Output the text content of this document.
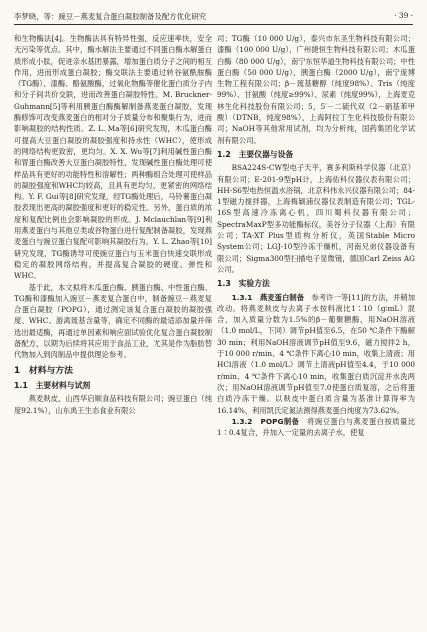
李梦晓，等：豌豆－燕麦复合蛋白凝胶制备及配方优化研究	· 39 ·

和生物酶法[4]。生物酶法具有特异性强，反应速率快，安全无污染等优点。其中，酶水解法主要通过不同蛋白酶水解蛋白质形成小肽，促进亲水基团暴露，增加蛋白质分子之间的相互作用，进而形成蛋白凝胶；酶交联法主要通过转谷氨酰胺酶（TG酶）、漆酶、酪氨酸酶，过氧化物酶等催化蛋白质分子内和分子间共价交联，进而改善蛋白凝胶特性。M. Bruckner-Guhmann[5]等利用胰蛋白酶酶解制备燕麦蛋白凝胶，发现酶修饰可改变燕麦蛋白的相对分子质量分布和聚集行为，进而影响凝胶的结构性质。Z. L. Ma等[6]研究发现，木瓜蛋白酶可提高大豆蛋白凝胶的凝胶强度和持水性（WHC），使形成的网络结构更致密，更均匀。X. X. Wu等[7]利用碱性蛋白酶和胃蛋白酶改善大豆蛋白凝胶特性，发现碱性蛋白酶处理可使样品具有更好的功能特性和溶解性；两种酶组合处理可使样品的凝胶强度和WHC均较高，且具有更均匀、更紧密的网络结构。Y. F. Gui等[8]研究发现，经TG酶处理后，马铃薯蛋白凝胶表现出更高的凝胶强度和更好的稳定性。另外，蛋白质的浓度和复配比例也会影响凝胶的形成。J. Mclauchlan等[9]利用燕麦蛋白与其他豆类或谷物蛋白进行复配制备凝胶，发现燕麦蛋白与豌豆蛋白复配可影响其凝胶行为。Y. L. Zhao等[10]研究发现，TG酶诱导可使豌豆蛋白与玉米蛋白快速交联形成稳定的凝胶网络结构，并提高复合凝胶的硬度、弹性和WHC。

基于此，本文拟将木瓜蛋白酶、胰蛋白酶、中性蛋白酶、TG酶和漆酶加入豌豆－燕麦复合蛋白中，制备豌豆－燕麦复合蛋白凝胶（POPG），通过测定该复合蛋白凝胶的凝胶强度、WHC、游离巯基含量等，确定不同酶的最适添加量并筛选出最适酶，再通过单因素和响应面试验优化复合蛋白凝胶制备配方，以期为后续将其应用于食品工业，尤其是作为脂肪替代物加入到肉制品中提供理论参考。

1　材料与方法
1.1　主要材料与试剂

燕麦麸皮，山西华启顺食品科技有限公司；豌豆蛋白（纯度92.1%），山东禹王生态食业有限公

司；TG酶（10 000 U/g），泰兴市东圣生物科技有限公司；漆酶（100 000 U/g），广州捷恒生物科技有限公司；木瓜蛋白酶（80 000 U/g），南宁东恒华道生物科技有限公司；中性蛋白酶（50 000 U/g），胰蛋白酶（2000 U/g），南宁庞博生物工程有限公司；β－巯基糖醇（纯度98%）、Tris（纯度99%）、甘氨酸（纯度≥99%）、尿素（纯度99%），上海麦克林生化科技股份有限公司；5，5′－二硫代双（2－硝基苯甲酸）（DTNB，纯度98%），上海阿拉丁生化科技股份有限公司；NaOH等其他常用试剂，均为分析纯，国药集团化学试剂有限公司。

1.2　主要仪器与设备

BSA224S-CW型电子天平，赛多利斯科学仪器（北京）有限公司；E-201-9型pH计，上海佑科仪器仪表有限公司；HH-S6型电热恒温水浴锅，北京科伟永兴仪器有限公司；84-1型磁力搅拌器，上海梅颖浦仪器仪表制造有限公司；TGL-16S型高速冷冻离心机，四川蜀科仪器有限公司；SpectraMaxP型多功能酶标仪，美谷分子仪器（上海）有限公司；TA-XT Plus型质构分析仪，英国Stable Micro System公司；LGJ-10型冷冻干燥机，河南兄弟仪器设备有限公司；Sigma300型扫描电子显微镜，德国Carl Zeiss AG公司。

1.3　实验方法

1.3.1　燕麦蛋白制备　 参考许一等[11]的方法，并稍加改动。将燕麦麸皮与去离子水按料液比1∶10（g∶mL）混合，加入质量分数为1.5%的β－葡聚糖酶，用NaOH溶液（1.0 mol/L，下同）调节pH值至6.5，在50 ℃条件下酶解30 min；利用NaOH溶液调节pH值至9.6，磁力搅拌2 h，于10 000 r/min、4 ℃条件下离心10 min，收集上清液；用HCl溶液（1.0 mol/L）调节上清液pH值至4.4，于10 000 r/min、4 ℃条件下离心10 min，收集蛋白质沉淀并水洗两次；用NaOH溶液调节pH值至7.0使蛋白质复溶，之后将蛋白质冷冻干燥。以麸皮中蛋白质含量为基准计算得率为16.14%，利用凯氏定氮法测得燕麦蛋白纯度为73.62%。

1.3.2　POPG制备　 将豌豆蛋白与燕麦蛋白按质量比1∶0.4复合，并加入一定量的去离子水，使复
